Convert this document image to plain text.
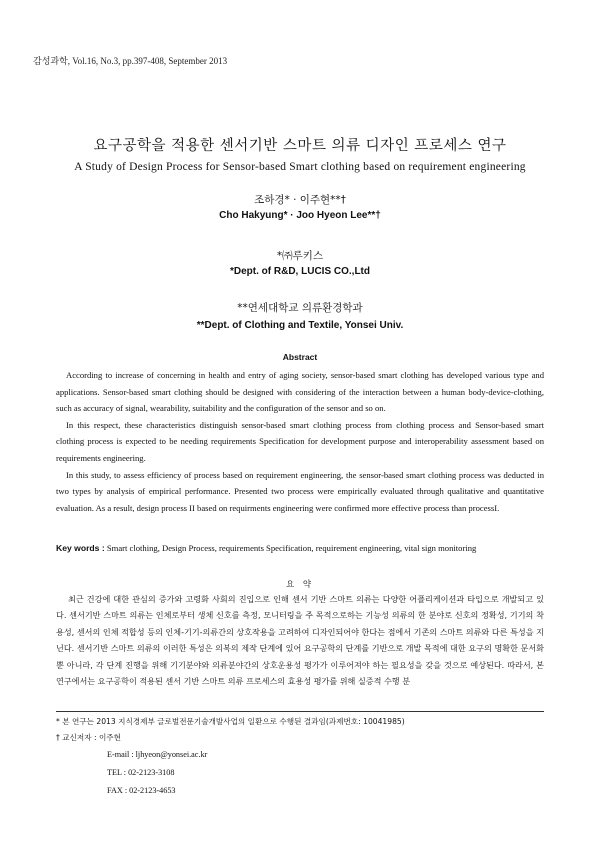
감성과학, Vol.16, No.3, pp.397-408, September 2013
요구공학을 적용한 센서기반 스마트 의류 디자인 프로세스 연구
A Study of Design Process for Sensor-based Smart clothing based on requirement engineering
조하경* · 이주현**†
Cho Hakyung* · Joo Hyeon Lee**†
*㈜루키스
*Dept. of R&D, LUCIS CO.,Ltd
**연세대학교 의류환경학과
**Dept. of Clothing and Textile, Yonsei Univ.
Abstract

According to increase of concerning in health and entry of aging society, sensor-based smart clothing has developed various type and applications. Sensor-based smart clothing should be designed with considering of the interaction between a human body-device-clothing, such as accuracy of signal, wearability, suitability and the configuration of the sensor and so on.

In this respect, these characteristics distinguish sensor-based smart clothing process from clothing process and Sensor-based smart clothing process is expected to be needing requirements Specification for development purpose and interoperability assessment based on requirements engineering.

In this study, to assess efficiency of process based on requirement engineering, the sensor-based smart clothing process was deducted in two types by analysis of empirical performance. Presented two process were empirically evaluated through qualitative and quantitative evaluation. As a result, design process II based on requirments engineering were confirmed more effective process than processI.

Key words : Smart clothing, Design Process, requirements Specification, requirement engineering, vital sign monitoring
요 약

최근 건강에 대한 관심의 증가와 고령화 사회의 진입으로 인해 센서 기반 스마트 의류는 다양한 어플리케이션과 타입으로 개발되고 있다. 센서기반 스마트 의류는 인체로부터 생체 신호를 측정, 모니터링을 주 목적으로하는 기능성 의류의 한 분야로 신호의 정확성, 기기의 착용성, 센서의 인체 적합성 등의 인체-기기-의류간의 상호작용을 고려하여 디자인되어야 한다는 점에서 기존의 스마트 의류와 다른 특성을 지닌다. 센서기반 스마트 의류의 이러한 특성은 의복의 제작 단계에 있어 요구공학의 단계를 기반으로 개발 목적에 대한 요구의 명확한 문서화 뿐 아니라, 각 단계 진행을 위해 기기분야와 의류분야간의 상호운용성 평가가 이루어져야 하는 필요성을 갖을 것으로 예상된다. 따라서, 본 연구에서는 요구공학이 적용된 센서 기반 스마트 의류 프로세스의 효용성 평가를 위해 실증적 수행 분

* 본 연구는 2013 지식경제부 글로벌전문기술개발사업의 일환으로 수행된 결과임(과제번호: 10041985)
† 교신저자 : 이주현
E-mail : ljhyeon@yonsei.ac.kr
TEL : 02-2123-3108
FAX : 02-2123-4653
